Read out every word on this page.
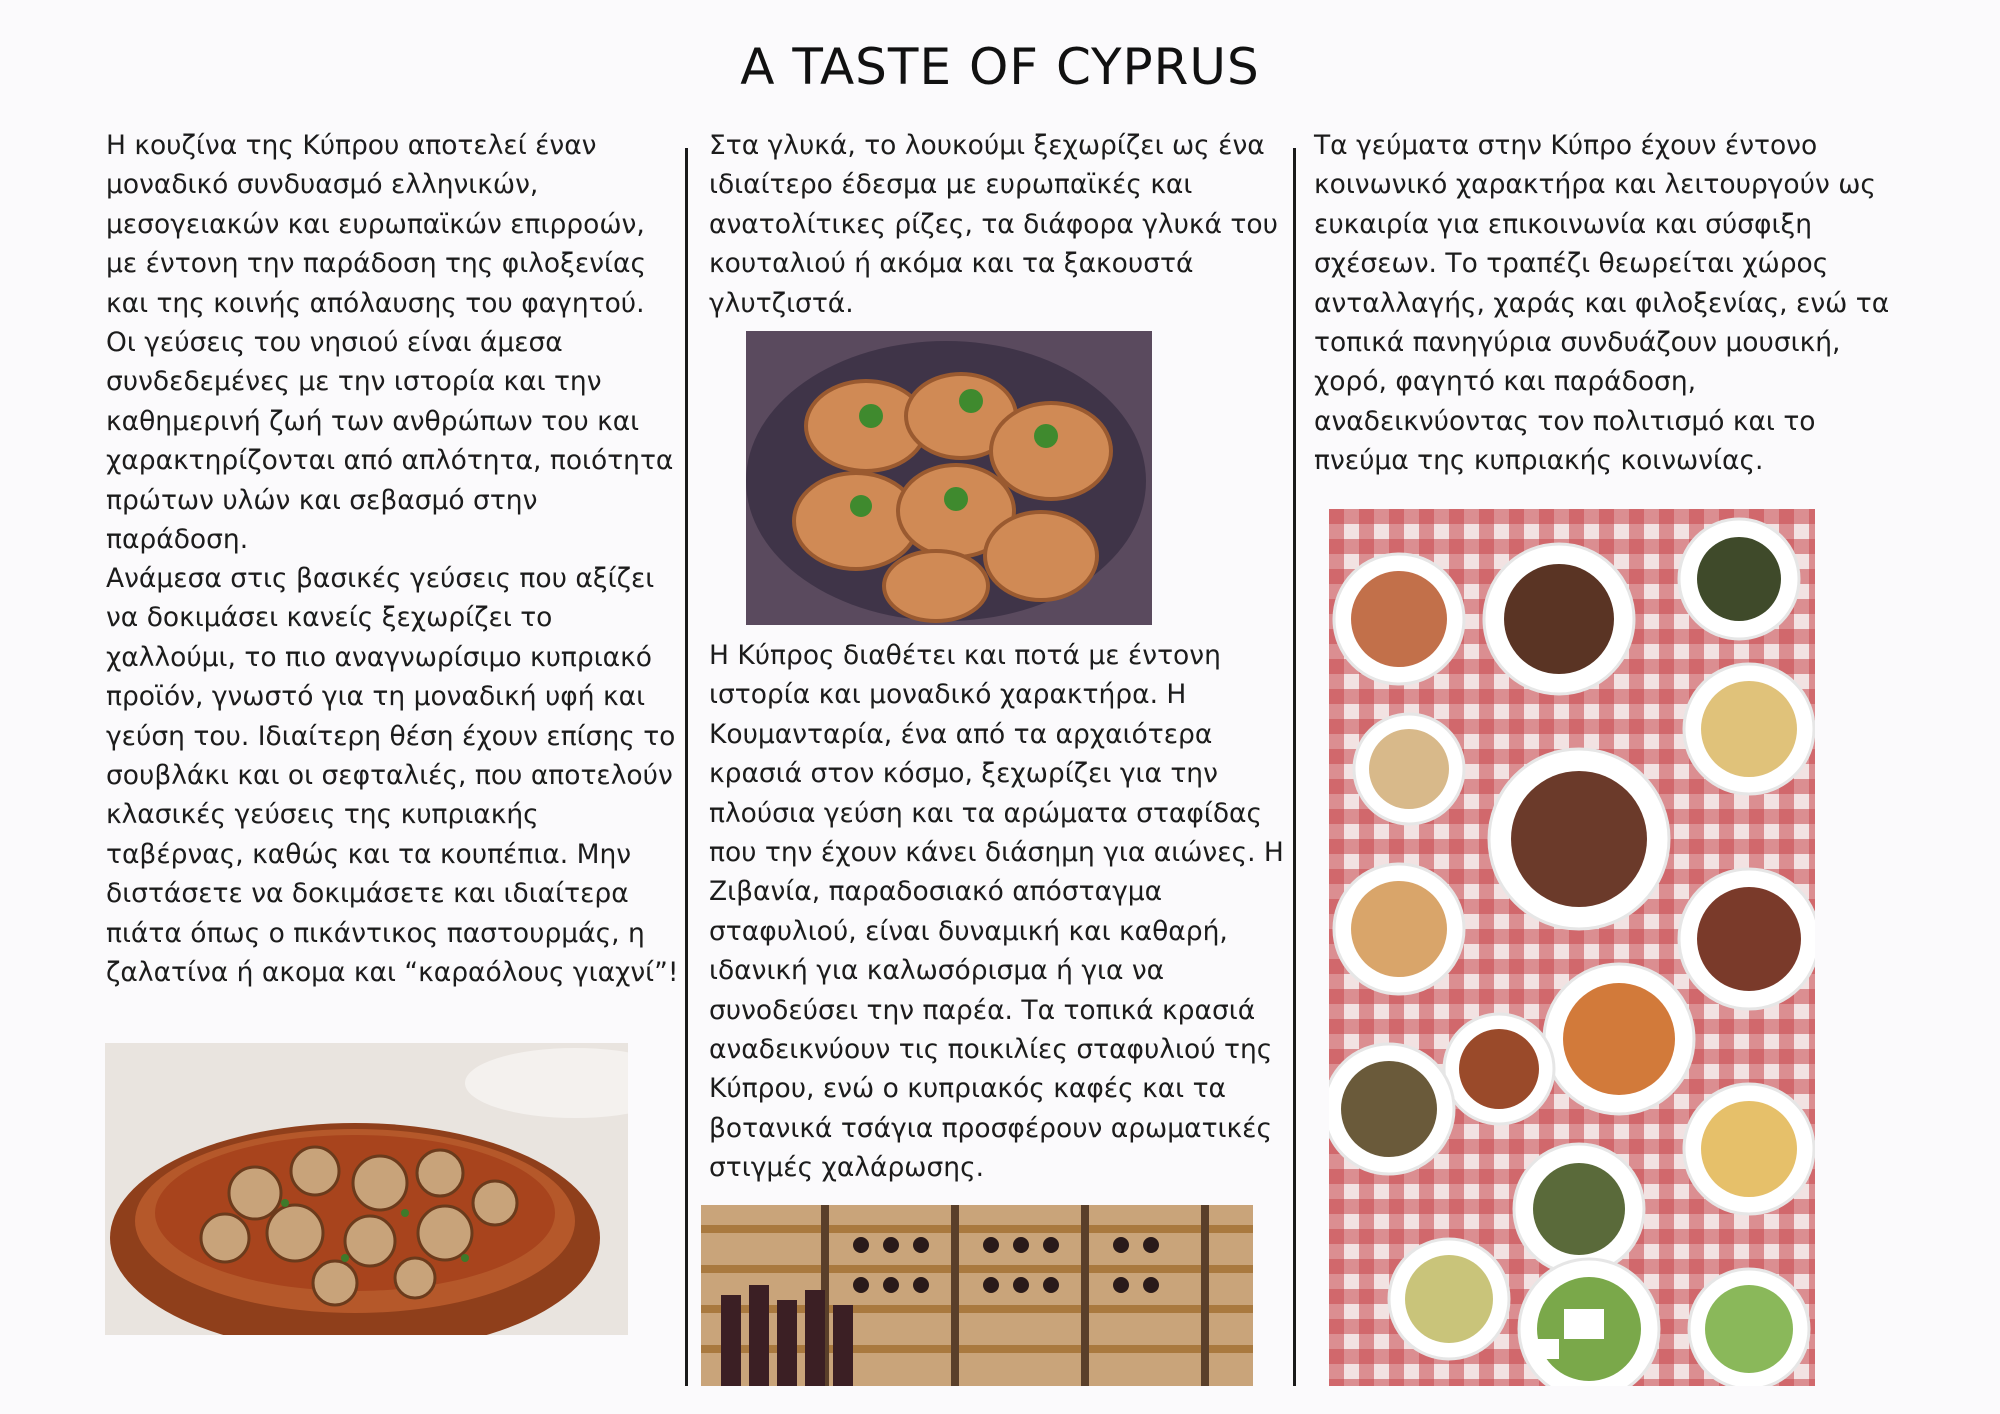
A TASTE OF CYPRUS

Η κουζίνα της Κύπρου αποτελεί έναν μοναδικό συνδυασμό ελληνικών, μεσογειακών και ευρωπαϊκών επιρροών, με έντονη την παράδοση της φιλοξενίας και της κοινής απόλαυσης του φαγητού. Οι γεύσεις του νησιού είναι άμεσα συνδεδεμένες με την ιστορία και την καθημερινή ζωή των ανθρώπων του και χαρακτηρίζονται από απλότητα, ποιότητα πρώτων υλών και σεβασμό στην παράδοση.

Ανάμεσα στις βασικές γεύσεις που αξίζει να δοκιμάσει κανείς ξεχωρίζει το χαλλούμι, το πιο αναγνωρίσιμο κυπριακό προϊόν, γνωστό για τη μοναδική υφή και γεύση του. Ιδιαίτερη θέση έχουν επίσης το σουβλάκι και οι σεφταλιές, που αποτελούν κλασικές γεύσεις της κυπριακής ταβέρνας, καθώς και τα κουπέπια. Μην διστάσετε να δοκιμάσετε και ιδιαίτερα πιάτα όπως ο πικάντικος παστουρμάς, η ζαλατίνα ή ακομα και “καραόλους γιαχνί”!

Στα γλυκά, το λουκούμι ξεχωρίζει ως ένα ιδιαίτερο έδεσμα με ευρωπαϊκές και ανατολίτικες ρίζες, τα διάφορα γλυκά του κουταλιού ή ακόμα και τα ξακουστά γλυτζιστά.

Η Κύπρος διαθέτει και ποτά με έντονη ιστορία και μοναδικό χαρακτήρα. Η Κουμανταρία, ένα από τα αρχαιότερα κρασιά στον κόσμο, ξεχωρίζει για την πλούσια γεύση και τα αρώματα σταφίδας που την έχουν κάνει διάσημη για αιώνες. Η Ζιβανία, παραδοσιακό απόσταγμα σταφυλιού, είναι δυναμική και καθαρή, ιδανική για καλωσόρισμα ή για να συνοδεύσει την παρέα. Τα τοπικά κρασιά αναδεικνύουν τις ποικιλίες σταφυλιού της Κύπρου, ενώ ο κυπριακός καφές και τα βοτανικά τσάγια προσφέρουν αρωματικές στιγμές χαλάρωσης.

Τα γεύματα στην Κύπρο έχουν έντονο κοινωνικό χαρακτήρα και λειτουργούν ως ευκαιρία για επικοινωνία και σύσφιξη σχέσεων. Το τραπέζι θεωρείται χώρος ανταλλαγής, χαράς και φιλοξενίας, ενώ τα τοπικά πανηγύρια συνδυάζουν μουσική, χορό, φαγητό και παράδοση, αναδεικνύοντας τον πολιτισμό και το πνεύμα της κυπριακής κοινωνίας.
